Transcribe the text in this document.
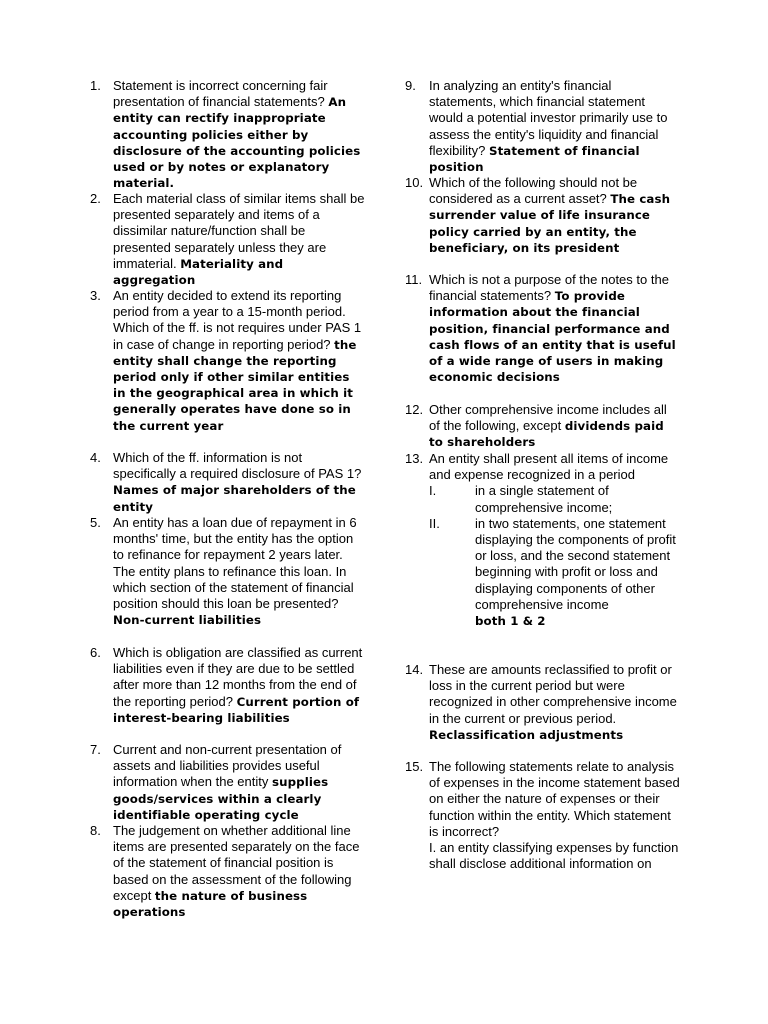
1. Statement is incorrect concerning fair presentation of financial statements? An entity can rectify inappropriate accounting policies either by disclosure of the accounting policies used or by notes or explanatory material.
2. Each material class of similar items shall be presented separately and items of a dissimilar nature/function shall be presented separately unless they are immaterial. Materiality and aggregation
3. An entity decided to extend its reporting period from a year to a 15-month period. Which of the ff. is not requires under PAS 1 in case of change in reporting period? the entity shall change the reporting period only if other similar entities in the geographical area in which it generally operates have done so in the current year
4. Which of the ff. information is not specifically a required disclosure of PAS 1? Names of major shareholders of the entity
5. An entity has a loan due of repayment in 6 months' time, but the entity has the option to refinance for repayment 2 years later. The entity plans to refinance this loan. In which section of the statement of financial position should this loan be presented? Non-current liabilities
6. Which is obligation are classified as current liabilities even if they are due to be settled after more than 12 months from the end of the reporting period? Current portion of interest-bearing liabilities
7. Current and non-current presentation of assets and liabilities provides useful information when the entity supplies goods/services within a clearly identifiable operating cycle
8. The judgement on whether additional line items are presented separately on the face of the statement of financial position is based on the assessment of the following except the nature of business operations
9. In analyzing an entity's financial statements, which financial statement would a potential investor primarily use to assess the entity's liquidity and financial flexibility? Statement of financial position
10. Which of the following should not be considered as a current asset? The cash surrender value of life insurance policy carried by an entity, the beneficiary, on its president
11. Which is not a purpose of the notes to the financial statements? To provide information about the financial position, financial performance and cash flows of an entity that is useful of a wide range of users in making economic decisions
12. Other comprehensive income includes all of the following, except dividends paid to shareholders
13. An entity shall present all items of income and expense recognized in a period
I.	in a single statement of comprehensive income;
II.	in two statements, one statement displaying the components of profit or loss, and the second statement beginning with profit or loss and displaying components of other comprehensive income
both 1 & 2
14. These are amounts reclassified to profit or loss in the current period but were recognized in other comprehensive income in the current or previous period. Reclassification adjustments
15. The following statements relate to analysis of expenses in the income statement based on either the nature of expenses or their function within the entity. Which statement is incorrect?
I. an entity classifying expenses by function shall disclose additional information on
